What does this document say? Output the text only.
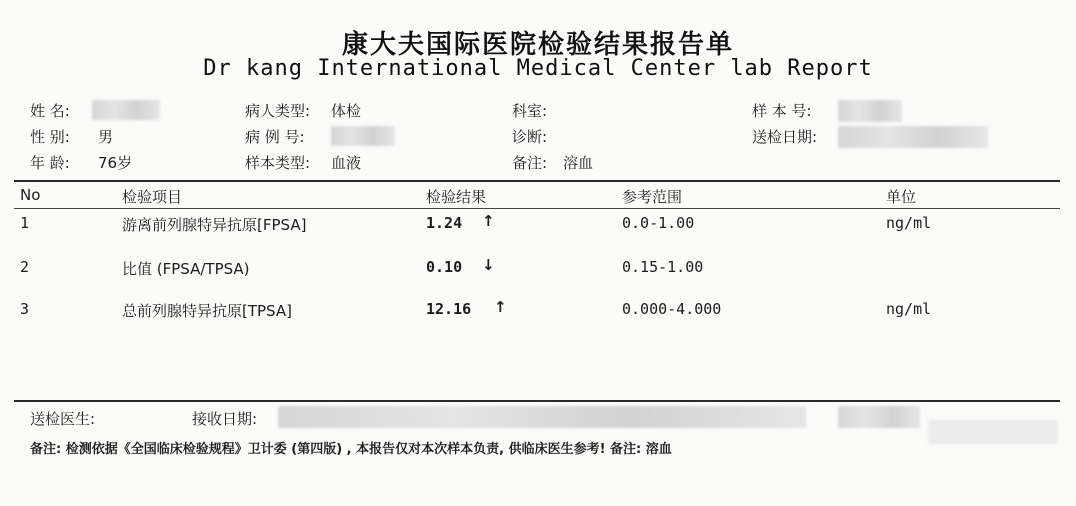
康大夫国际医院检验结果报告单
Dr kang International Medical Center lab Report
姓 名:
性 别: 男
年 龄: 76岁
病人类型: 体检
病 例 号:
样本类型: 血液
科室:
诊断:
备注: 溶血
样 本 号:
送检日期:
No	检验项目	检验结果	参考范围	单位
1	游离前列腺特异抗原[FPSA]	1.24 ↑	0.0-1.00	ng/ml
2	比值 (FPSA/TPSA)	0.10 ↓	0.15-1.00
3	总前列腺特异抗原[TPSA]	12.16 ↑	0.000-4.000	ng/ml
送检医生:	接收日期:
备注: 检测依据《全国临床检验规程》卫计委 (第四版) , 本报告仅对本次样本负责, 供临床医生参考! 备注: 溶血
